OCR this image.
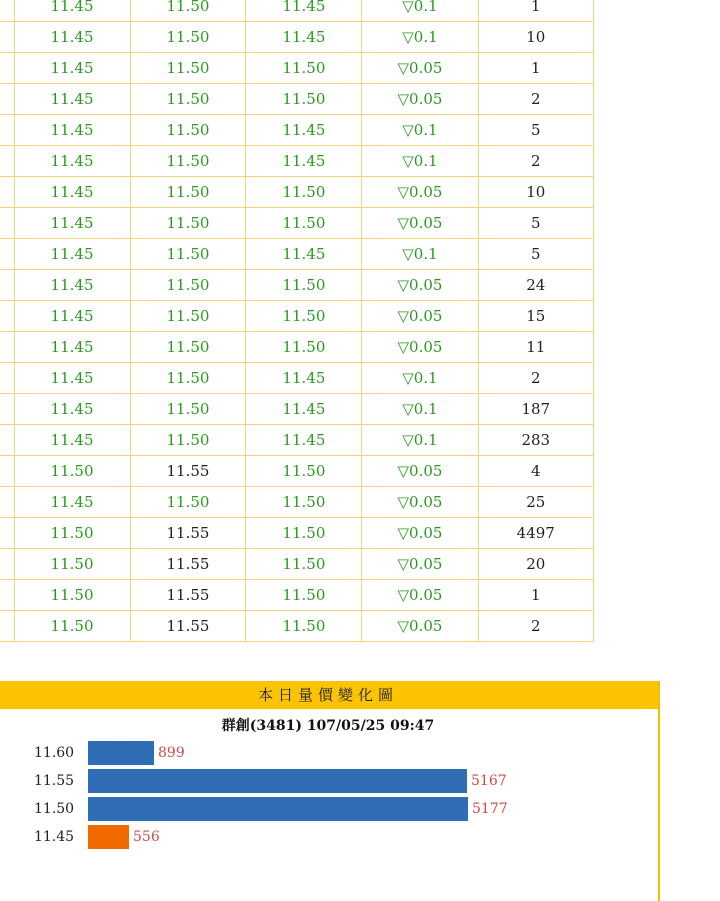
	11.45	11.50	11.45	▽0.1	1
	11.45	11.50	11.45	▽0.1	10
	11.45	11.50	11.50	▽0.05	1
	11.45	11.50	11.50	▽0.05	2
	11.45	11.50	11.45	▽0.1	5
	11.45	11.50	11.45	▽0.1	2
	11.45	11.50	11.50	▽0.05	10
	11.45	11.50	11.50	▽0.05	5
	11.45	11.50	11.45	▽0.1	5
	11.45	11.50	11.50	▽0.05	24
	11.45	11.50	11.50	▽0.05	15
	11.45	11.50	11.50	▽0.05	11
	11.45	11.50	11.45	▽0.1	2
	11.45	11.50	11.45	▽0.1	187
	11.45	11.50	11.45	▽0.1	283
	11.50	11.55	11.50	▽0.05	4
	11.45	11.50	11.50	▽0.05	25
	11.50	11.55	11.50	▽0.05	4497
	11.50	11.55	11.50	▽0.05	20
	11.50	11.55	11.50	▽0.05	1
	11.50	11.55	11.50	▽0.05	2
本日量價變化圖
群創(3481) 107/05/25 09:47
11.60	899
11.55	5167
11.50	5177
11.45	556
